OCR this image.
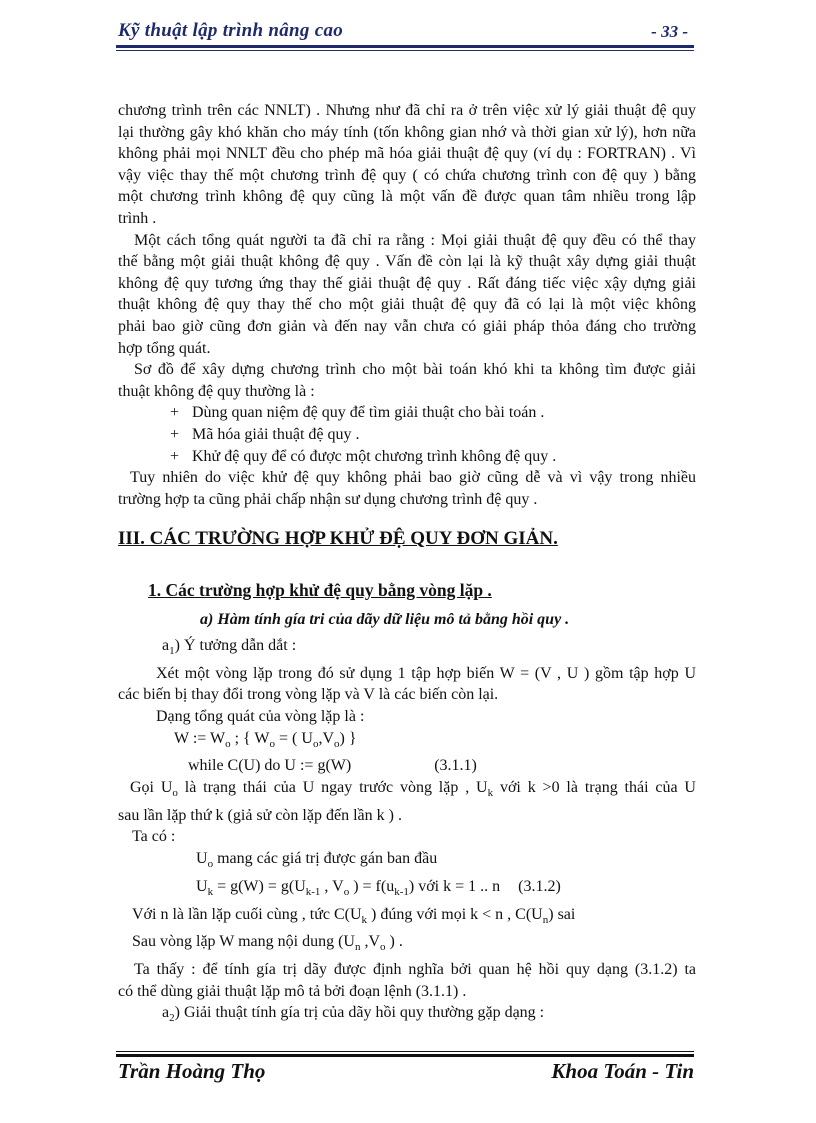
Kỹ thuật lập trình nâng cao	- 33 -
chương trình trên các NNLT) . Nhưng như đã chỉ ra ở trên việc xử lý giải thuật đệ quy
lại thường gây khó khăn cho máy tính (tốn không gian nhớ và thời gian xử lý), hơn nữa
không phải mọi NNLT đều cho phép mã hóa giải thuật đệ quy (ví dụ : FORTRAN) . Vì
vậy việc thay thế một chương trình đệ quy ( có chứa chương trình con đệ quy ) bằng
một chương trình không đệ quy cũng là một vấn đề được quan tâm nhiều trong lập
trình .
Một cách tổng quát người ta đã chỉ ra rằng : Mọi giải thuật đệ quy đều có thể thay
thế bằng một giải thuật không đệ quy . Vấn đề còn lại là kỹ thuật xây dựng giải thuật
không đệ quy tương ứng thay thế giải thuật đệ quy . Rất đáng tiếc việc xậy dựng giải
thuật không đệ quy thay thế cho một giải thuật đệ quy đã có lại là một việc không
phải bao giờ cũng đơn giản và đến nay vẫn chưa có giải pháp thỏa đáng cho trường
hợp tổng quát.
Sơ đồ để xây dựng chương trình cho một bài toán khó khi ta không tìm được giải
thuật không đệ quy thường là :
+ Dùng quan niệm đệ quy để tìm giải thuật cho bài toán .
+ Mã hóa giải thuật đệ quy .
+ Khử đệ quy để có được một chương trình không đệ quy .
Tuy nhiên do việc khử đệ quy không phải bao giờ cũng dễ và vì vậy trong nhiều
trường hợp ta cũng phải chấp nhận sư dụng chương trình đệ quy .
III. CÁC TRƯỜNG HỢP KHỬ ĐỆ QUY ĐƠN GIẢN.
1. Các trường hợp khử đệ quy bằng vòng lặp .
a) Hàm tính gía tri của dãy dữ liệu mô tả bằng hồi quy .
$a_1$) Ý tưởng dẫn dắt :
Xét một vòng lặp trong đó sử dụng 1 tập hợp biến W = (V , U ) gồm tập hợp U
các biến bị thay đổi trong vòng lặp và V là các biến còn lại.
Dạng tổng quát của vòng lặp là :
W := $W_o$ ; { $W_o$ = ( $U_o,V_o$) }
while C(U) do U := g(W)	(3.1.1)
Gọi $U_o$ là trạng thái của U ngay trước vòng lặp , $U_k$ với k >0 là trạng thái của U
sau lần lặp thứ k (giả sử còn lặp đến lần k ) .
Ta có :
$U_o$ mang các giá trị được gán ban đầu
$U_k = g(W) = g(U_{k-1}$ , $V_o$ ) = $f(u_{k-1})$ với k = 1 .. n (3.1.2)
Với n là lần lặp cuối cùng , tức $C(U_k$ ) đúng với mọi k < n , $C(U_n)$ sai
Sau vòng lặp W mang nội dung ($U_n$ $,V_o$ ) .
Ta thấy : để tính gía trị dãy được định nghĩa bởi quan hệ hồi quy dạng (3.1.2) ta
có thể dùng giải thuật lặp mô tả bởi đoạn lệnh (3.1.1) .
$a_2$) Giải thuật tính gía trị của dãy hồi quy thường gặp dạng :
Trần Hoàng Thọ	Khoa Toán - Tin
